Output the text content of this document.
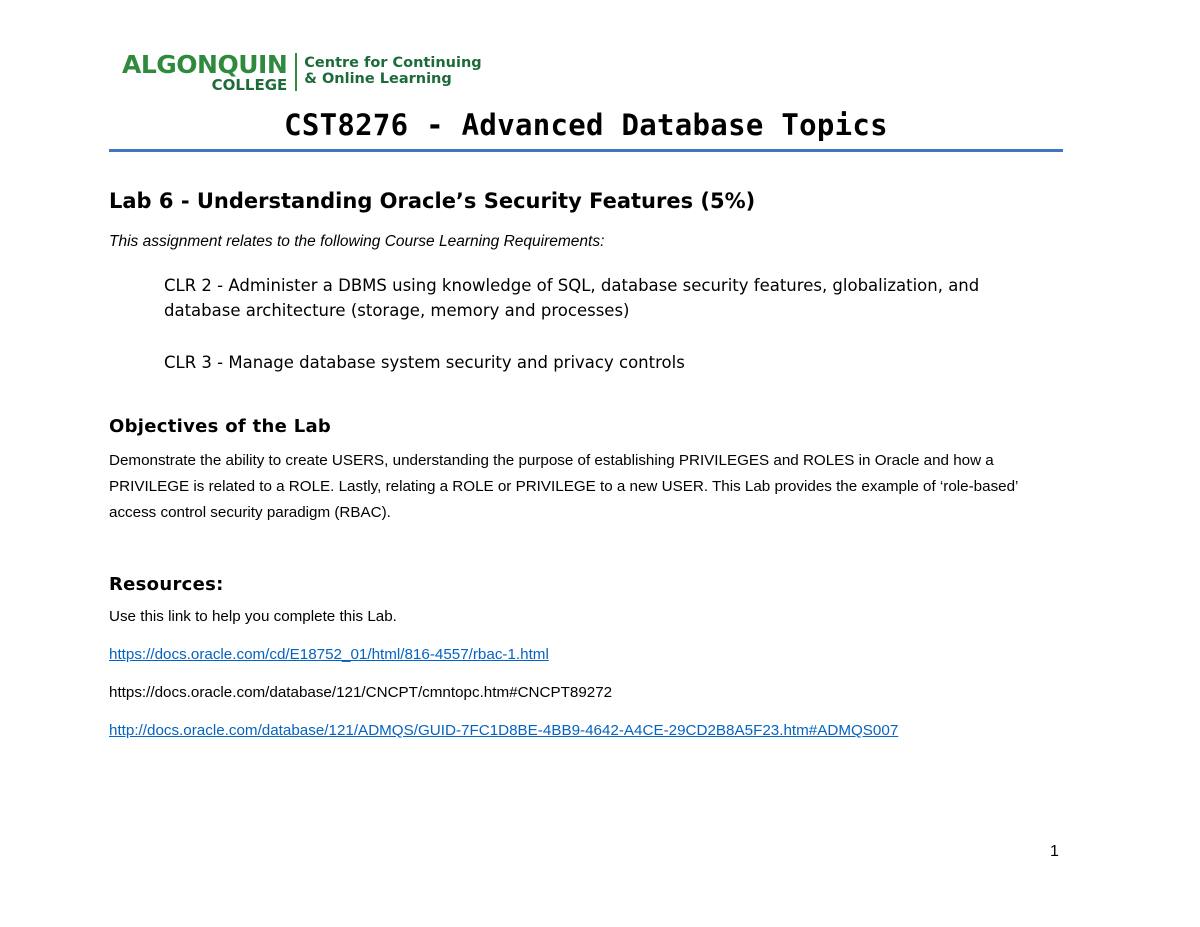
ALGONQUIN
COLLEGE
Centre for Continuing
& Online Learning
CST8276 - Advanced Database Topics
Lab 6 - Understanding Oracle’s Security Features (5%)
This assignment relates to the following Course Learning Requirements:
CLR 2 - Administer a DBMS using knowledge of SQL, database security features, globalization, and database architecture (storage, memory and processes)
CLR 3 - Manage database system security and privacy controls
Objectives of the Lab
Demonstrate the ability to create USERS, understanding the purpose of establishing PRIVILEGES and ROLES in Oracle and how a PRIVILEGE is related to a ROLE. Lastly, relating a ROLE or PRIVILEGE to a new USER. This Lab provides the example of ‘role-based’ access control security paradigm (RBAC).
Resources:
Use this link to help you complete this Lab.
https://docs.oracle.com/cd/E18752_01/html/816-4557/rbac-1.html
https://docs.oracle.com/database/121/CNCPT/cmntopc.htm#CNCPT89272
http://docs.oracle.com/database/121/ADMQS/GUID-7FC1D8BE-4BB9-4642-A4CE-29CD2B8A5F23.htm#ADMQS007
1
